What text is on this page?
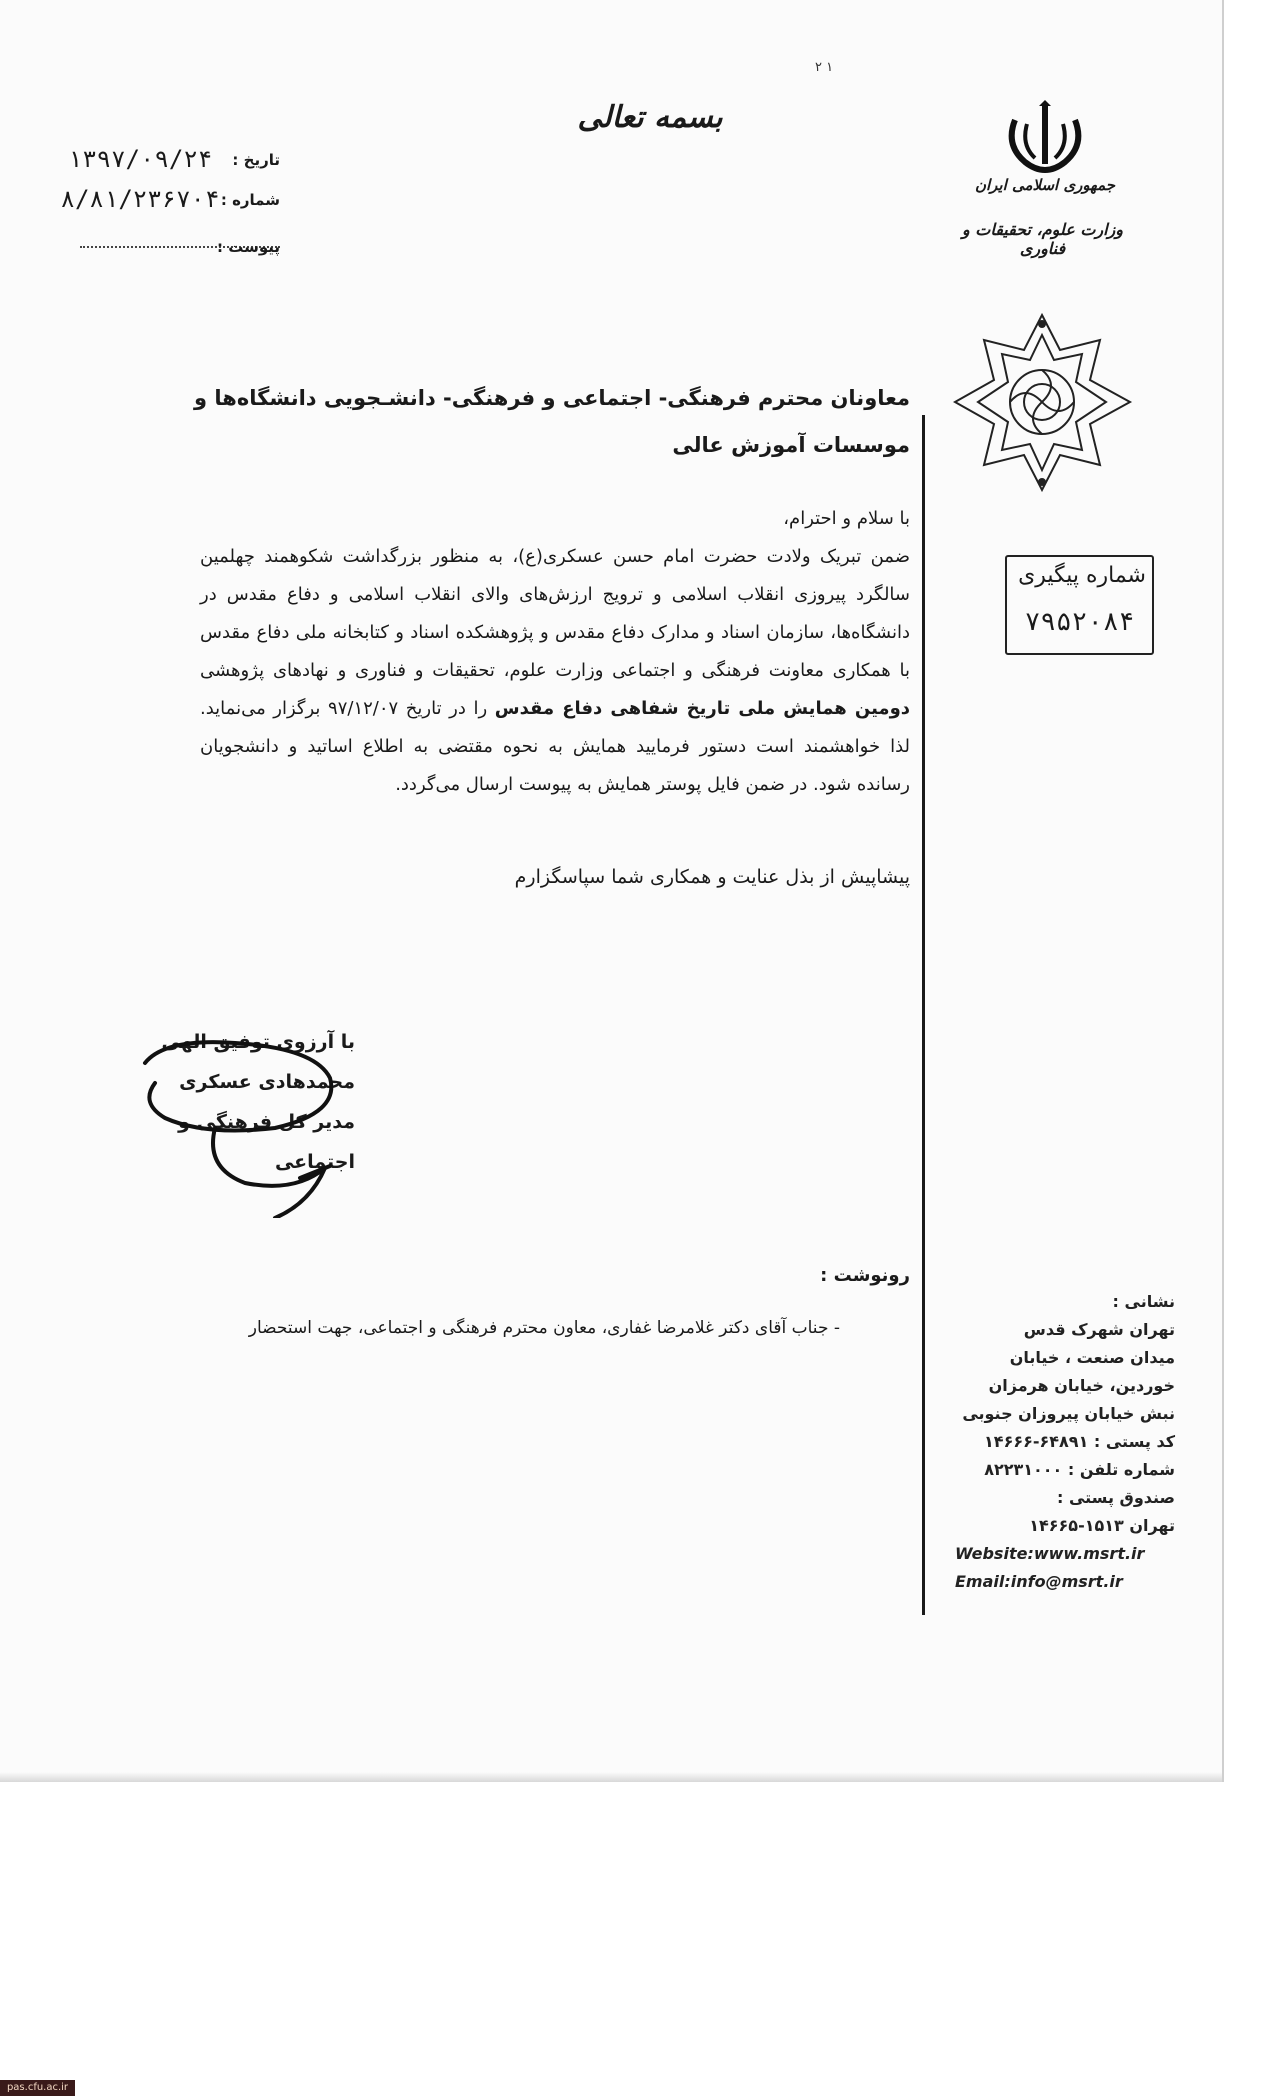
۲ ۱
بسمه تعالی
جمهوری اسلامی ایران
وزارت علوم، تحقیقات و فناوری
۱۳۹۷/۰۹/۲۴	تاریخ :
۸/۸۱/۲۳۶۷۰۴ شماره :
پیوست :
شماره پیگیری
۷۹۵۲۰۸۴
معاونان محترم فرهنگی- اجتماعی و فرهنگی- دانشـجویی دانشگاه‌ها و موسسات آموزش عالی
با سلام و احترام،
ضمن تبریک ولادت حضرت امام حسن عسکری(ع)، به منظور بزرگداشت شکوهمند چهلمین سالگرد پیروزی انقلاب اسلامی و ترویج ارزش‌های والای انقلاب اسلامی و دفاع مقدس در دانشگاه‌ها، سازمان اسناد و مدارک دفاع مقدس و پژوهشکده اسناد و کتابخانه ملی دفاع مقدس با همکاری معاونت فرهنگی و اجتماعی وزارت علوم، تحقیقات و فناوری و نهادهای پژوهشی دومین همایش ملی تاریخ شفاهی دفاع مقدس را در تاریخ ۹۷/۱۲/۰۷ برگزار می‌نماید. لذا خواهشمند است دستور فرمایید همایش به نحوه مقتضی به اطلاع اساتید و دانشجویان رسانده شود. در ضمن فایل پوستر همایش به پیوست ارسال می‌گردد.
پیشاپیش از بذل عنایت و همکاری شما سپاسگزارم
با آرزوی توفیق الهی
محمدهادی عسکری
مدیر کل فرهنگی و اجتماعی
رونوشت :
- جناب آقای دکتر غلامرضا غفاری، معاون محترم فرهنگی و اجتماعی، جهت استحضار
نشانی :
تهران شهرک قدس
میدان صنعت ، خیابان
خوردین، خیابان هرمزان
نبش خیابان پیروزان جنوبی
کد پستی : ۶۴۸۹۱-۱۴۶۶۶
شماره تلفن : ۸۲۲۳۱۰۰۰
صندوق پستی :
تهران ۱۵۱۳-۱۴۶۶۵
Website:www.msrt.ir
Email:info@msrt.ir
pas.cfu.ac.ir
